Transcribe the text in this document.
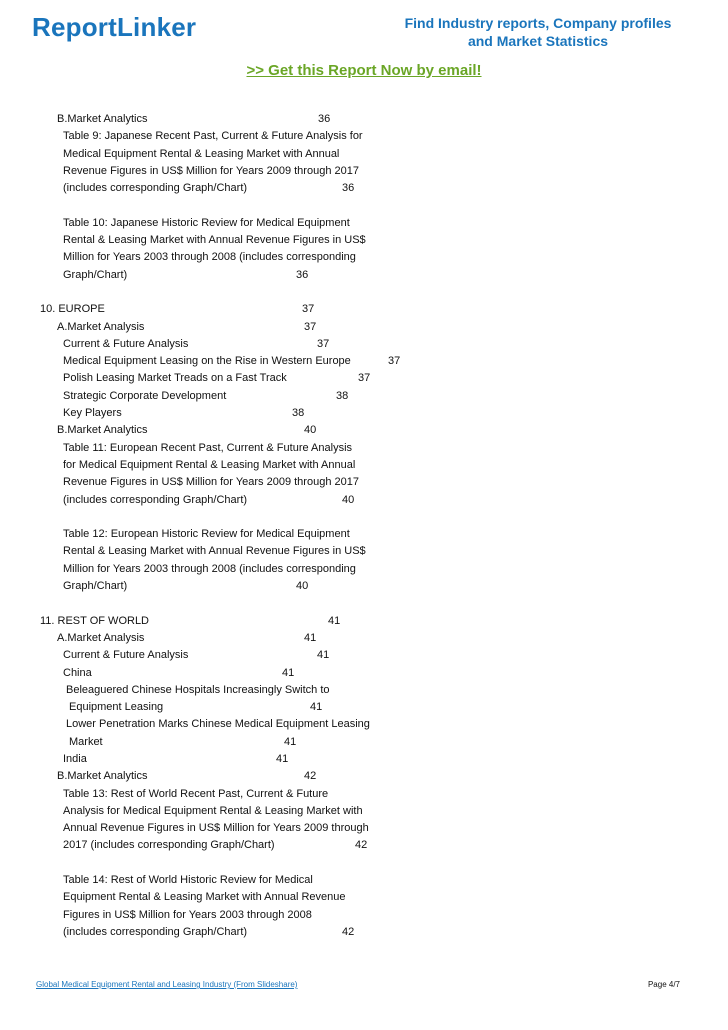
ReportLinker	Find Industry reports, Company profiles
and Market Statistics
>> Get this Report Now by email!
B.Market Analytics	36
Table 9: Japanese Recent Past, Current & Future Analysis for
Medical Equipment Rental & Leasing Market with Annual
Revenue Figures in US$ Million for Years 2009 through 2017
(includes corresponding Graph/Chart)	36
Table 10: Japanese Historic Review for Medical Equipment
Rental & Leasing Market with Annual Revenue Figures in US$
Million for Years 2003 through 2008 (includes corresponding
Graph/Chart)	36
10. EUROPE	37
A.Market Analysis	37
Current & Future Analysis	37
Medical Equipment Leasing on the Rise in Western Europe	37
Polish Leasing Market Treads on a Fast Track	37
Strategic Corporate Development	38
Key Players	38
B.Market Analytics	40
Table 11: European Recent Past, Current & Future Analysis
for Medical Equipment Rental & Leasing Market with Annual
Revenue Figures in US$ Million for Years 2009 through 2017
(includes corresponding Graph/Chart)	40
Table 12: European Historic Review for Medical Equipment
Rental & Leasing Market with Annual Revenue Figures in US$
Million for Years 2003 through 2008 (includes corresponding
Graph/Chart)	40
11. REST OF WORLD	41
A.Market Analysis	41
Current & Future Analysis	41
China	41
Beleaguered Chinese Hospitals Increasingly Switch to
Equipment Leasing	41
Lower Penetration Marks Chinese Medical Equipment Leasing
Market	41
India	41
B.Market Analytics	42
Table 13: Rest of World Recent Past, Current & Future
Analysis for Medical Equipment Rental & Leasing Market with
Annual Revenue Figures in US$ Million for Years 2009 through
2017 (includes corresponding Graph/Chart)	42
Table 14: Rest of World Historic Review for Medical
Equipment Rental & Leasing Market with Annual Revenue
Figures in US$ Million for Years 2003 through 2008
(includes corresponding Graph/Chart)	42
Global Medical Equipment Rental and Leasing Industry (From Slideshare)	Page 4/7
